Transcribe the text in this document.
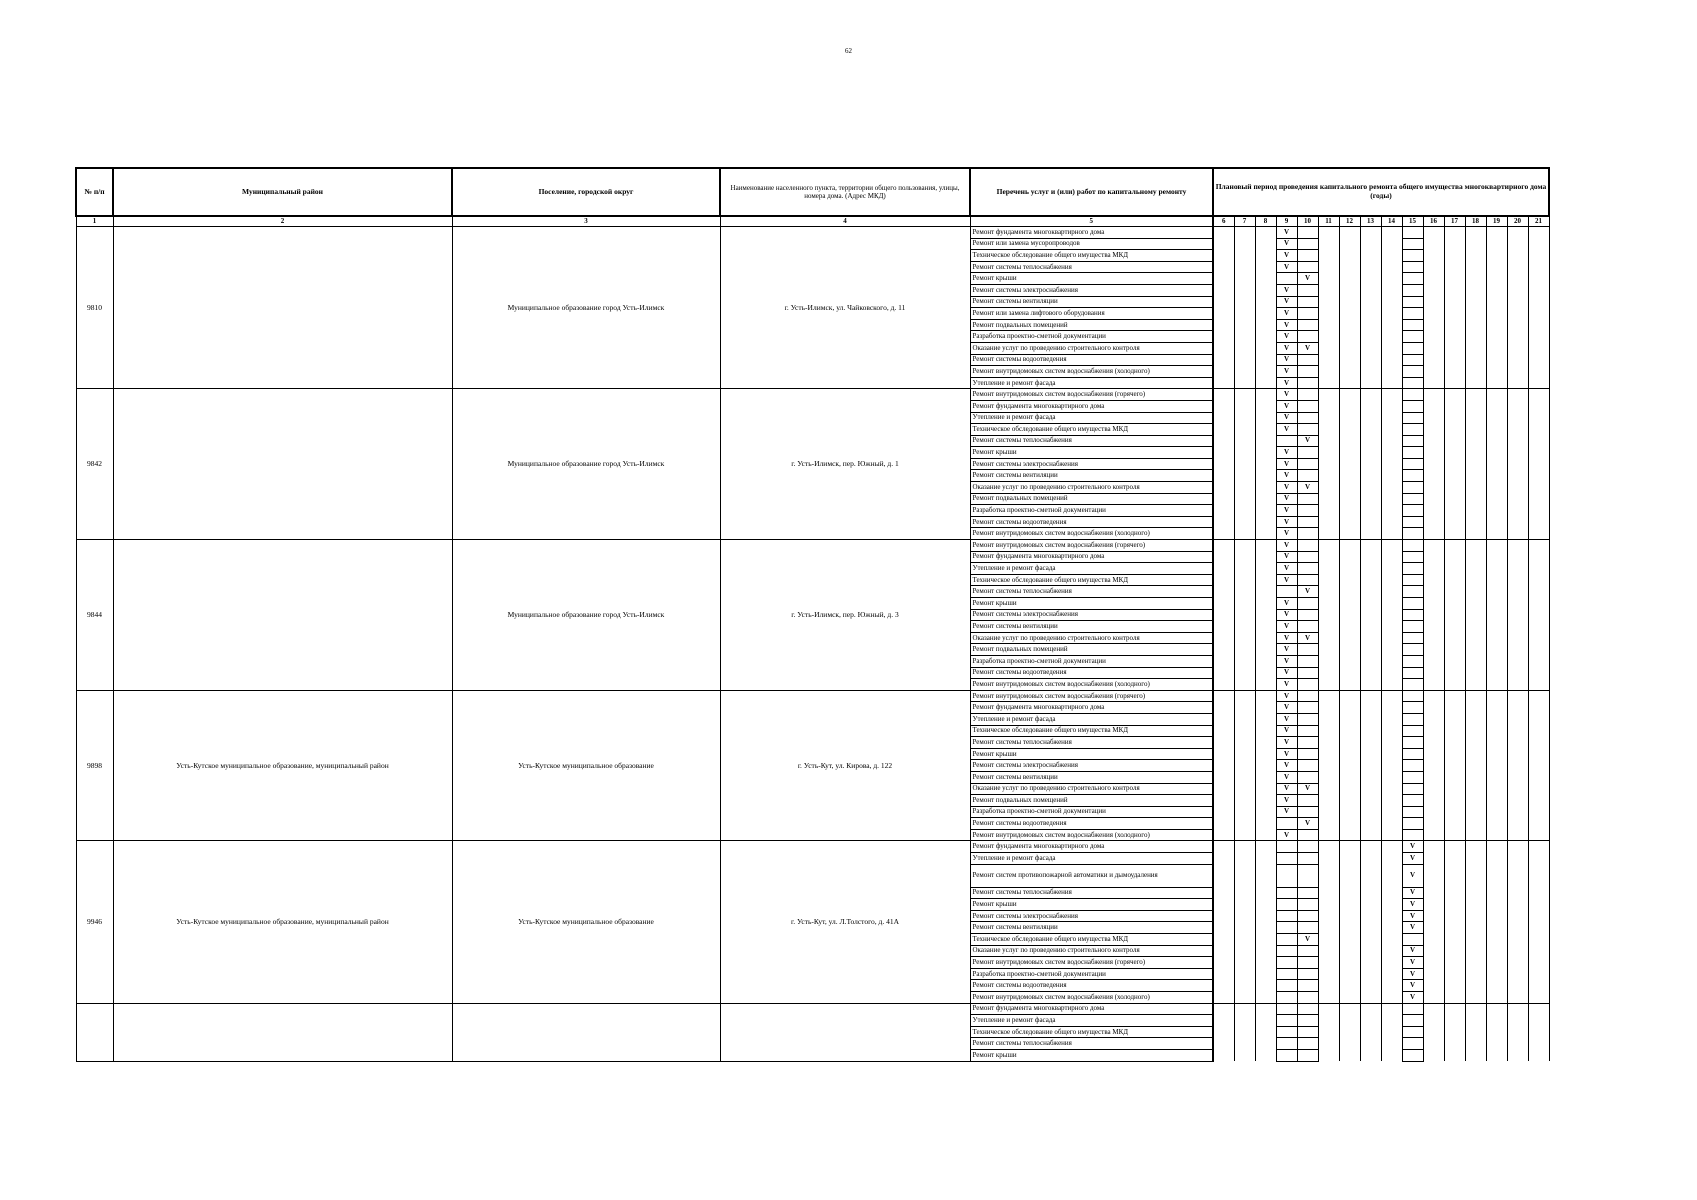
62
№ п/п	Муниципальный район	Поселение, городской округ	Наименование населенного пункта, территории общего пользования, улицы, номера дома. (Адрес МКД)	Перечень услуг и (или) работ по капитальному ремонту	Плановый период проведения капитального ремонта общего имущества многоквартирного дома (годы)															
1	2	3	4	5	6	7	8	9	10	11	12	13	14	15	16	17	18	19	20	21
9810		Муниципальное образование город Усть-Илимск	г. Усть-Илимск, ул. Чайковского, д. 11	Ремонт фундамента многоквартирного дома				V												
				Ремонт или замена мусоропроводов				V												
				Техническое обследование общего имущества МКД				V												
				Ремонт системы теплоснабжения				V												
				Ремонт крыши					V											
				Ремонт системы электроснабжения				V												
				Ремонт системы вентиляции				V												
				Ремонт или замена лифтового оборудования				V												
				Ремонт подвальных помещений				V												
				Разработка проектно-сметной документации				V												
				Оказание услуг по проведению строительного контроля				V	V											
				Ремонт системы водоотведения				V												
				Ремонт внутридомовых систем водоснабжения (холодного)				V												
				Утепление и ремонт фасада				V												
9842		Муниципальное образование город Усть-Илимск	г. Усть-Илимск, пер. Южный, д. 1	Ремонт внутридомовых систем водоснабжения (горячего)				V												
				Ремонт фундамента многоквартирного дома				V												
				Утепление и ремонт фасада				V												
				Техническое обследование общего имущества МКД				V												
				Ремонт системы теплоснабжения					V											
				Ремонт крыши				V												
				Ремонт системы электроснабжения				V												
				Ремонт системы вентиляции				V												
				Оказание услуг по проведению строительного контроля				V	V											
				Ремонт подвальных помещений				V												
				Разработка проектно-сметной документации				V												
				Ремонт системы водоотведения				V												
				Ремонт внутридомовых систем водоснабжения (холодного)				V												
9844		Муниципальное образование город Усть-Илимск	г. Усть-Илимск, пер. Южный, д. 3	Ремонт внутридомовых систем водоснабжения (горячего)				V												
				Ремонт фундамента многоквартирного дома				V												
				Утепление и ремонт фасада				V												
				Техническое обследование общего имущества МКД				V												
				Ремонт системы теплоснабжения					V											
				Ремонт крыши				V												
				Ремонт системы электроснабжения				V												
				Ремонт системы вентиляции				V												
				Оказание услуг по проведению строительного контроля				V	V											
				Ремонт подвальных помещений				V												
				Разработка проектно-сметной документации				V												
				Ремонт системы водоотведения				V												
				Ремонт внутридомовых систем водоснабжения (холодного)				V												
9898	Усть-Кутское муниципальное образование, муниципальный район	Усть-Кутское муниципальное образование	г. Усть-Кут, ул. Кирова, д. 122	Ремонт внутридомовых систем водоснабжения (горячего)				V												
				Ремонт фундамента многоквартирного дома				V												
				Утепление и ремонт фасада				V												
				Техническое обследование общего имущества МКД				V												
				Ремонт системы теплоснабжения				V												
				Ремонт крыши				V												
				Ремонт системы электроснабжения				V												
				Ремонт системы вентиляции				V												
				Оказание услуг по проведению строительного контроля				V	V											
				Ремонт подвальных помещений				V												
				Разработка проектно-сметной документации				V												
				Ремонт системы водоотведения					V											
				Ремонт внутридомовых систем водоснабжения (холодного)				V												
9946	Усть-Кутское муниципальное образование, муниципальный район	Усть-Кутское муниципальное образование	г. Усть-Кут, ул. Л.Толстого, д. 41А	Ремонт фундамента многоквартирного дома										V						
				Утепление и ремонт фасада										V						
				Ремонт систем противопожарной автоматики и дымоудаления										V						
				Ремонт системы теплоснабжения										V						
				Ремонт крыши										V						
				Ремонт системы электроснабжения										V						
				Ремонт системы вентиляции										V						
				Техническое обследование общего имущества МКД					V											
				Оказание услуг по проведению строительного контроля										V						
				Ремонт внутридомовых систем водоснабжения (горячего)										V						
				Разработка проектно-сметной документации										V						
				Ремонт системы водоотведения										V						
				Ремонт внутридомовых систем водоснабжения (холодного)										V						
				Ремонт фундамента многоквартирного дома																
				Утепление и ремонт фасада																
				Техническое обследование общего имущества МКД																
				Ремонт системы теплоснабжения																
				Ремонт крыши																
